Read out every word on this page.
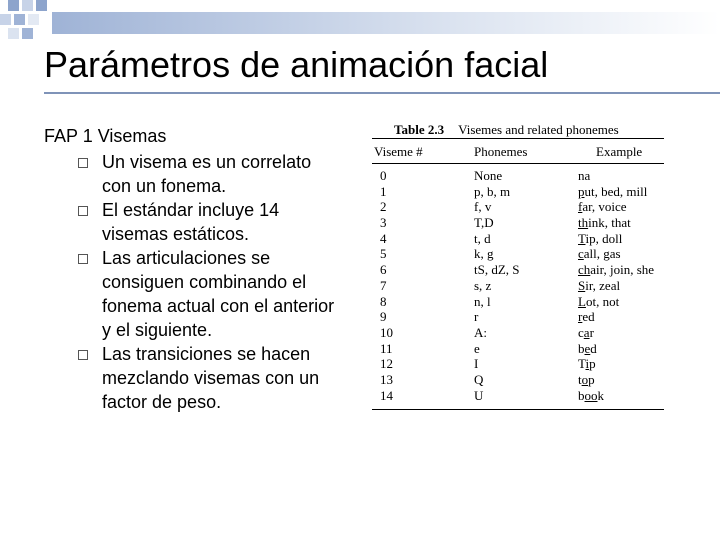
Parámetros de animación facial
FAP 1 Visemas
Un visema es un correlato con un fonema.
El estándar incluye 14 visemas estáticos.
Las articulaciones se consiguen combinando el fonema actual con el anterior y el siguiente.
Las transiciones se hacen mezclando visemas con un factor de peso.
Table 2.3 Visemes and related phonemes
Viseme #	Phonemes	Example
0	None	na
1	p, b, m	put, bed, mill
2	f, v	far, voice
3	T,D	think, that
4	t, d	Tip, doll
5	k, g	call, gas
6	tS, dZ, S	chair, join, she
7	s, z	Sir, zeal
8	n, l	Lot, not
9	r	red
10	A:	car
11	e	bed
12	I	Tip
13	Q	top
14	U	book
